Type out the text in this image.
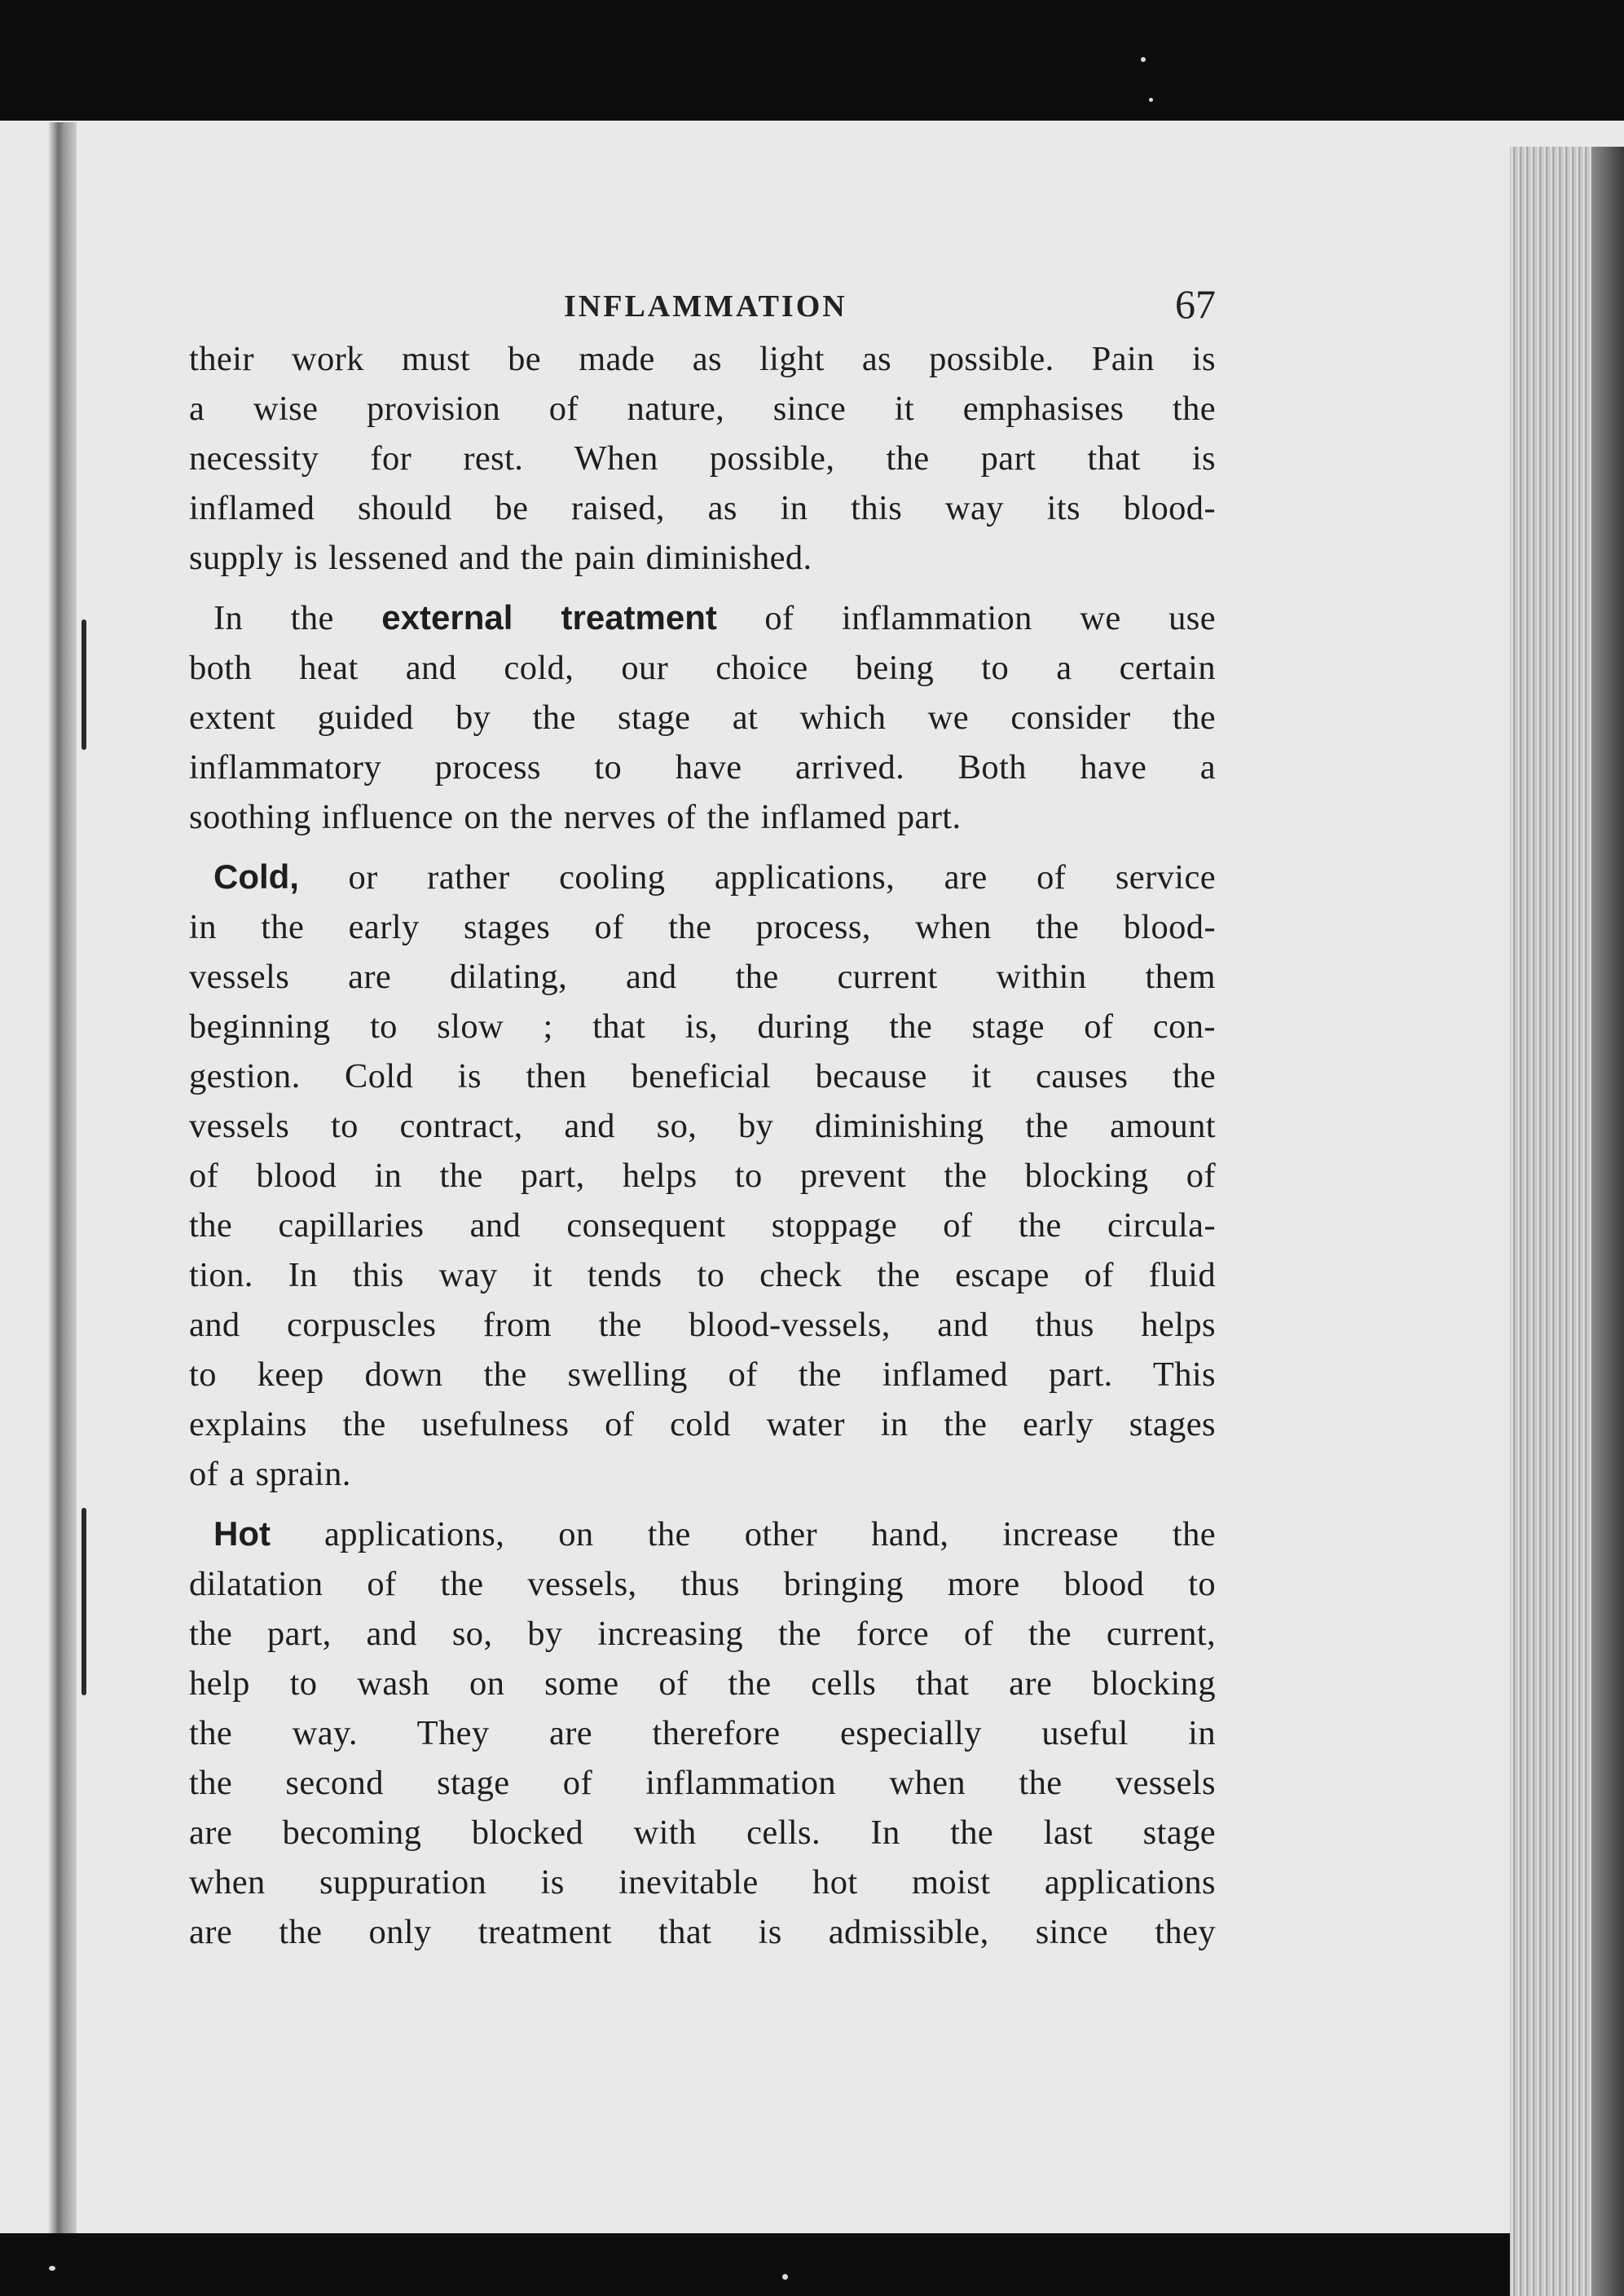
INFLAMMATION	67

their work must be made as light as possible. Pain is
a wise provision of nature, since it emphasises the
necessity for rest. When possible, the part that is
inflamed should be raised, as in this way its blood-
supply is lessened and the pain diminished.

In the external treatment of inflammation we use
both heat and cold, our choice being to a certain
extent guided by the stage at which we consider the
inflammatory process to have arrived. Both have a
soothing influence on the nerves of the inflamed part.

Cold, or rather cooling applications, are of service
in the early stages of the process, when the blood-
vessels are dilating, and the current within them
beginning to slow ; that is, during the stage of con-
gestion. Cold is then beneficial because it causes the
vessels to contract, and so, by diminishing the amount
of blood in the part, helps to prevent the blocking of
the capillaries and consequent stoppage of the circula-
tion. In this way it tends to check the escape of fluid
and corpuscles from the blood-vessels, and thus helps
to keep down the swelling of the inflamed part. This
explains the usefulness of cold water in the early stages
of a sprain.

Hot applications, on the other hand, increase the
dilatation of the vessels, thus bringing more blood to
the part, and so, by increasing the force of the current,
help to wash on some of the cells that are blocking
the way. They are therefore especially useful in
the second stage of inflammation when the vessels
are becoming blocked with cells. In the last stage
when suppuration is inevitable hot moist applications
are the only treatment that is admissible, since they
